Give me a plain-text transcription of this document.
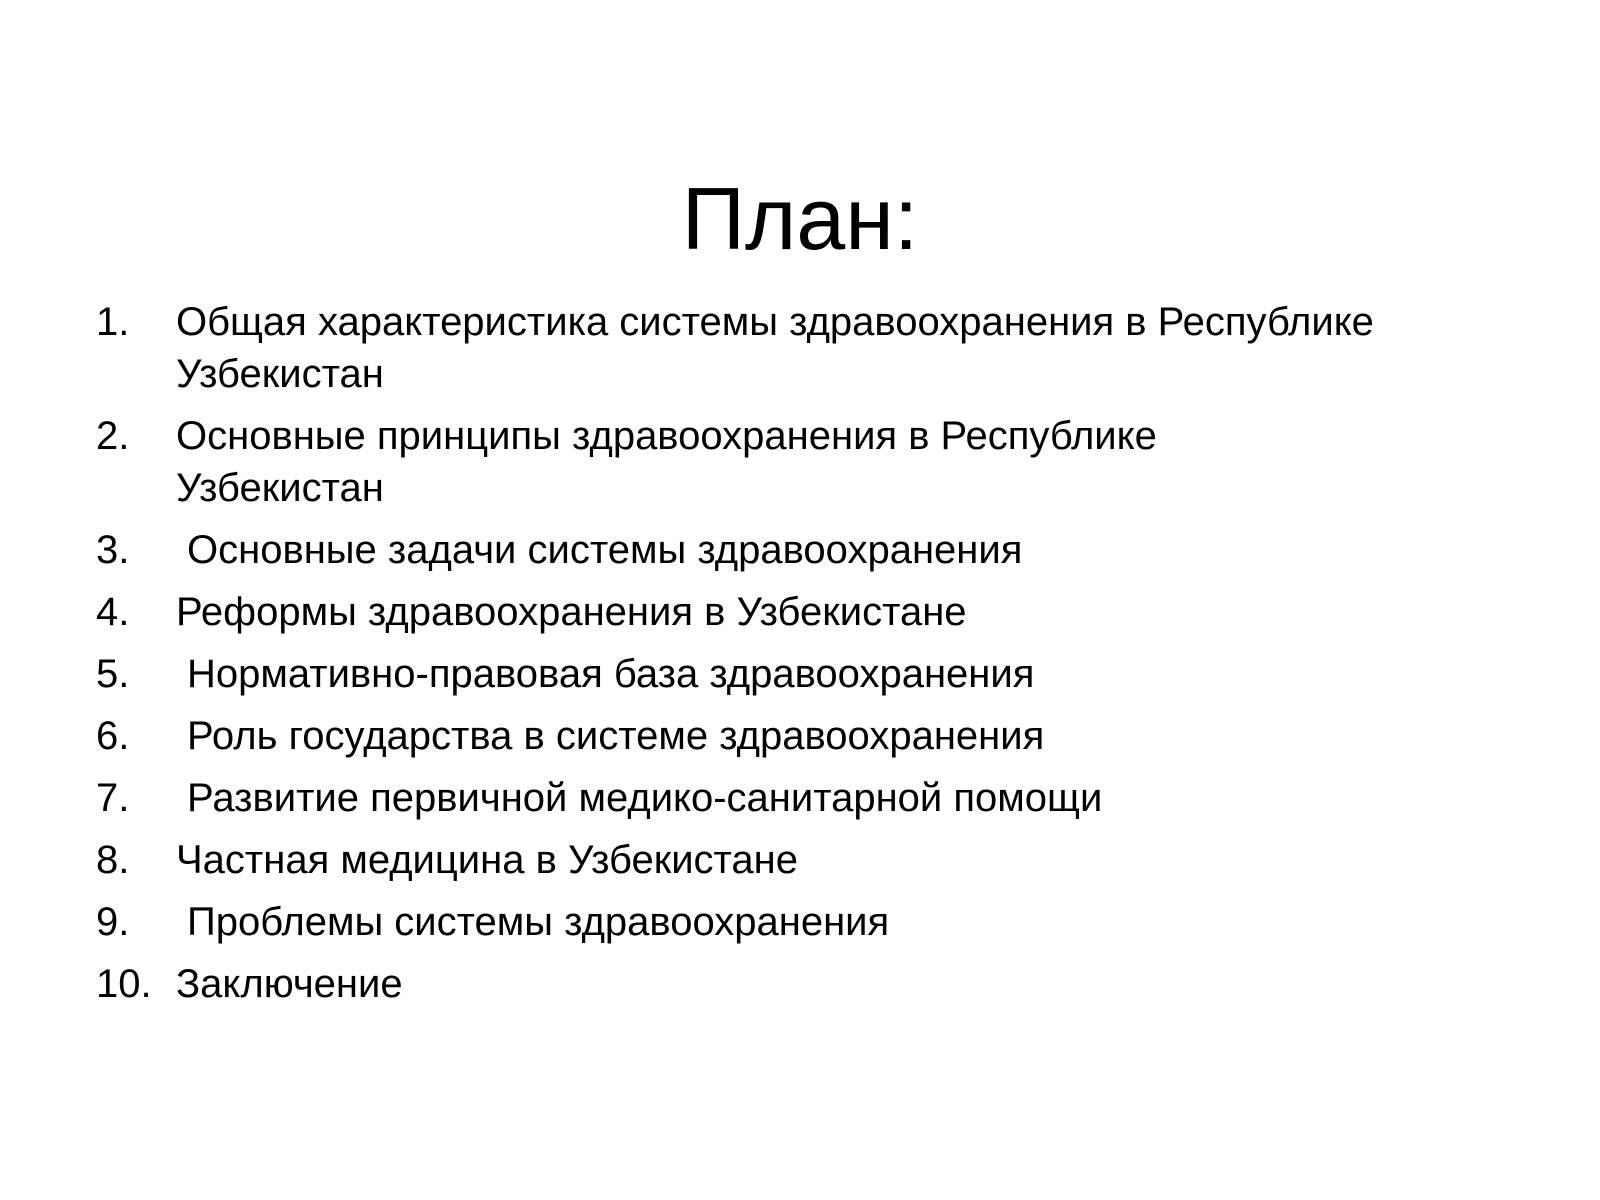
План:
1.	Общая характеристика системы здравоохранения в Республике Узбекистан
2.	Основные принципы здравоохранения в Республике Узбекистан
3.	Основные задачи системы здравоохранения
4.	Реформы здравоохранения в Узбекистане
5.	Нормативно-правовая база здравоохранения
6.	Роль государства в системе здравоохранения
7.	Развитие первичной медико-санитарной помощи
8.	Частная медицина в Узбекистане
9.	Проблемы системы здравоохранения
10. Заключение
